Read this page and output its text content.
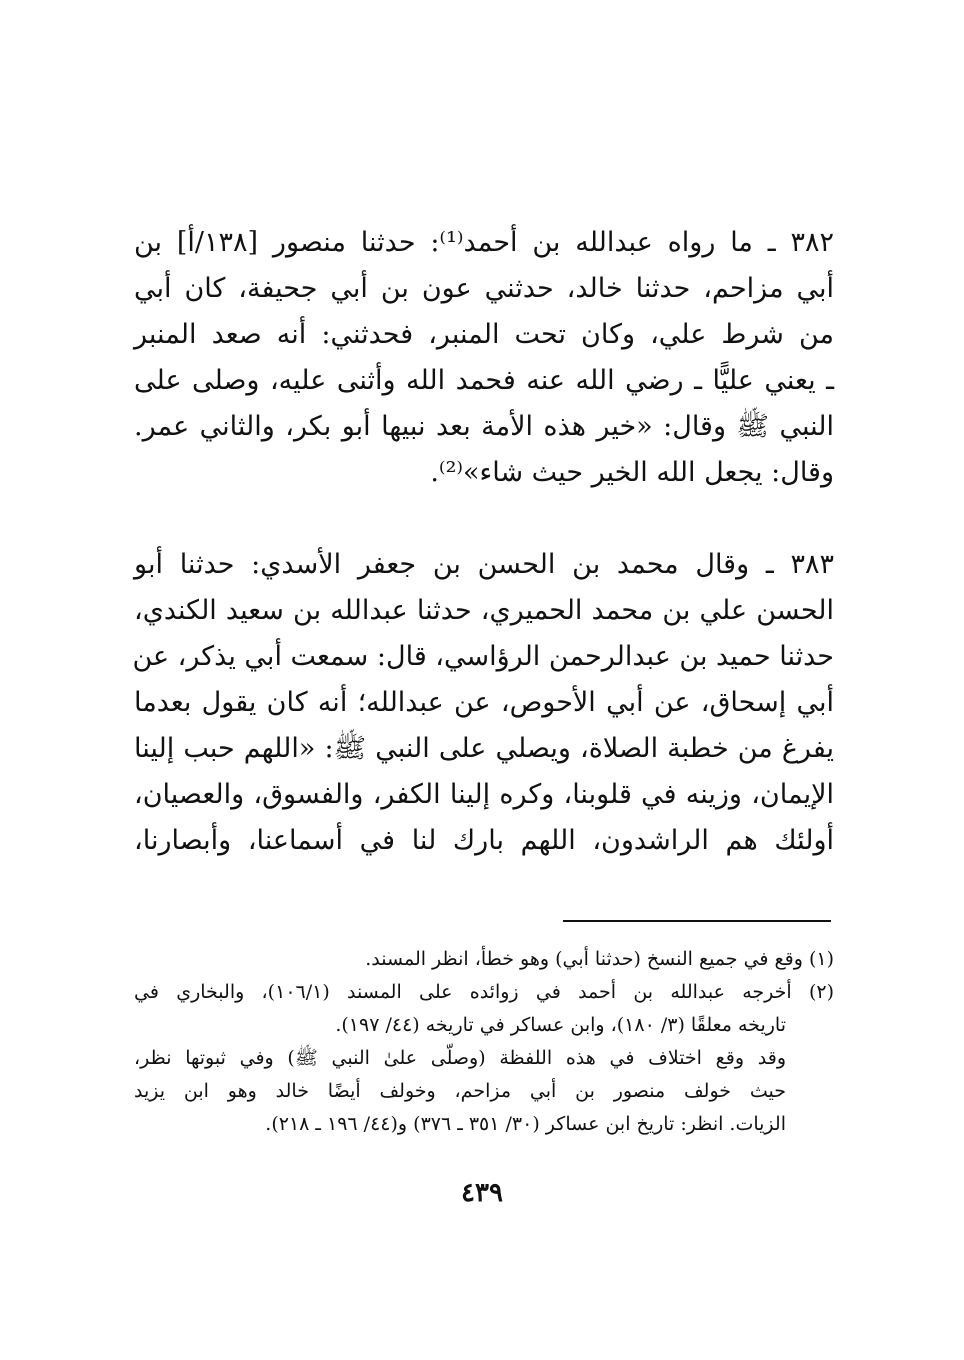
٣٨٢ ـ ما رواه عبدالله بن أحمد⁽¹⁾: حدثنا منصور [١٣٨/أ] بن
أبي مزاحم، حدثنا خالد، حدثني عون بن أبي جحيفة، كان أبي
من شرط علي، وكان تحت المنبر، فحدثني: أنه صعد المنبر
ـ يعني عليًّا ـ رضي الله عنه فحمد الله وأثنى عليه، وصلى على
النبي ﷺ وقال: «خير هذه الأمة بعد نبيها أبو بكر، والثاني عمر.
وقال: يجعل الله الخير حيث شاء»⁽²⁾.
٣٨٣ ـ وقال محمد بن الحسن بن جعفر الأسدي: حدثنا أبو
الحسن علي بن محمد الحميري، حدثنا عبدالله بن سعيد الكندي،
حدثنا حميد بن عبدالرحمن الرؤاسي، قال: سمعت أبي يذكر، عن
أبي إسحاق، عن أبي الأحوص، عن عبدالله؛ أنه كان يقول بعدما
يفرغ من خطبة الصلاة، ويصلي على النبي ﷺ: «اللهم حبب إلينا
الإيمان، وزينه في قلوبنا، وكره إلينا الكفر، والفسوق، والعصيان،
أولئك هم الراشدون، اللهم بارك لنا في أسماعنا، وأبصارنا،
(١) وقع في جميع النسخ (حدثنا أبي) وهو خطأ، انظر المسند.
(٢) أخرجه عبدالله بن أحمد في زوائده على المسند (١٠٦/١)، والبخاري في
تاريخه معلقًا (٣/ ١٨٠)، وابن عساكر في تاريخه (٤٤/ ١٩٧).
وقد وقع اختلاف في هذه اللفظة (وصلّى علىٰ النبي ﷺ) وفي ثبوتها نظر،
حيث خولف منصور بن أبي مزاحم، وخولف أيضًا خالد وهو ابن يزيد
الزيات. انظر: تاريخ ابن عساكر (٣٠/ ٣٥١ ـ ٣٧٦) و(٤٤/ ١٩٦ ـ ٢١٨).
٤٣٩
